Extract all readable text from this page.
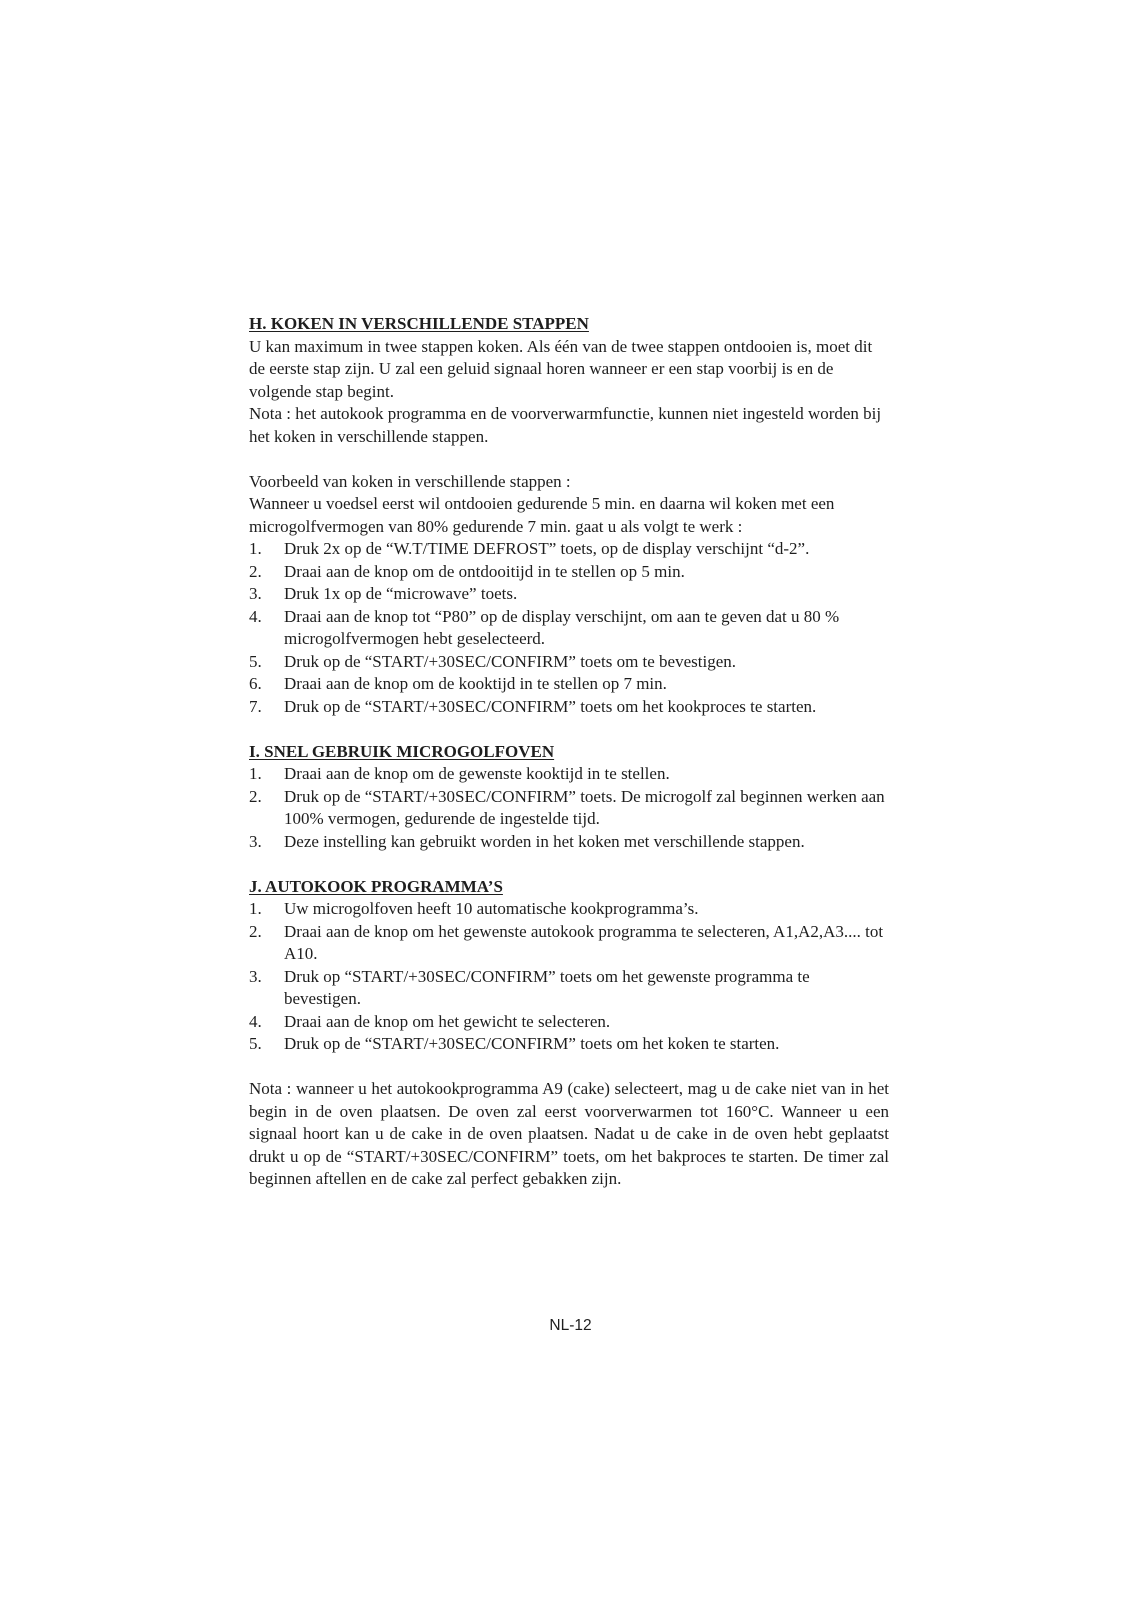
H. KOKEN IN VERSCHILLENDE STAPPEN

U kan maximum in twee stappen koken. Als één van de twee stappen ontdooien is, moet dit de eerste stap zijn. U zal een geluid signaal horen wanneer er een stap voorbij is en de volgende stap begint.

Nota : het autokook programma en de voorverwarmfunctie, kunnen niet ingesteld worden bij het koken in verschillende stappen.

Voorbeeld van koken in verschillende stappen :

Wanneer u voedsel eerst wil ontdooien gedurende 5 min. en daarna wil koken met een microgolfvermogen van 80% gedurende 7 min. gaat u als volgt te werk :

1. Druk 2x op de “W.T/TIME DEFROST” toets, op de display verschijnt “d-2”.
2. Draai aan de knop om de ontdooitijd in te stellen op 5 min.
3. Druk 1x op de “microwave” toets.
4. Draai aan de knop tot “P80” op de display verschijnt, om aan te geven dat u 80 % microgolfvermogen hebt geselecteerd.
5. Druk op de “START/+30SEC/CONFIRM” toets om te bevestigen.
6. Draai aan de knop om de kooktijd in te stellen op 7 min.
7. Druk op de “START/+30SEC/CONFIRM” toets om het kookproces te starten.
I. SNEL GEBRUIK MICROGOLFOVEN
1. Draai aan de knop om de gewenste kooktijd in te stellen.
2. Druk op de “START/+30SEC/CONFIRM” toets. De microgolf zal beginnen werken aan 100% vermogen, gedurende de ingestelde tijd.
3. Deze instelling kan gebruikt worden in het koken met verschillende stappen.
J. AUTOKOOK PROGRAMMA’S
1. Uw microgolfoven heeft 10 automatische kookprogramma’s.
2. Draai aan de knop om het gewenste autokook programma te selecteren, A1,A2,A3.... tot A10.
3. Druk op “START/+30SEC/CONFIRM” toets om het gewenste programma te bevestigen.
4. Draai aan de knop om het gewicht te selecteren.
5. Druk op de “START/+30SEC/CONFIRM” toets om het koken te starten.

Nota : wanneer u het autokookprogramma A9 (cake) selecteert, mag u de cake niet van in het begin in de oven plaatsen. De oven zal eerst voorverwarmen tot 160°C. Wanneer u een signaal hoort kan u de cake in de oven plaatsen. Nadat u de cake in de oven hebt geplaatst drukt u op de “START/+30SEC/CONFIRM” toets, om het bakproces te starten. De timer zal beginnen aftellen en de cake zal perfect gebakken zijn.

NL-12
